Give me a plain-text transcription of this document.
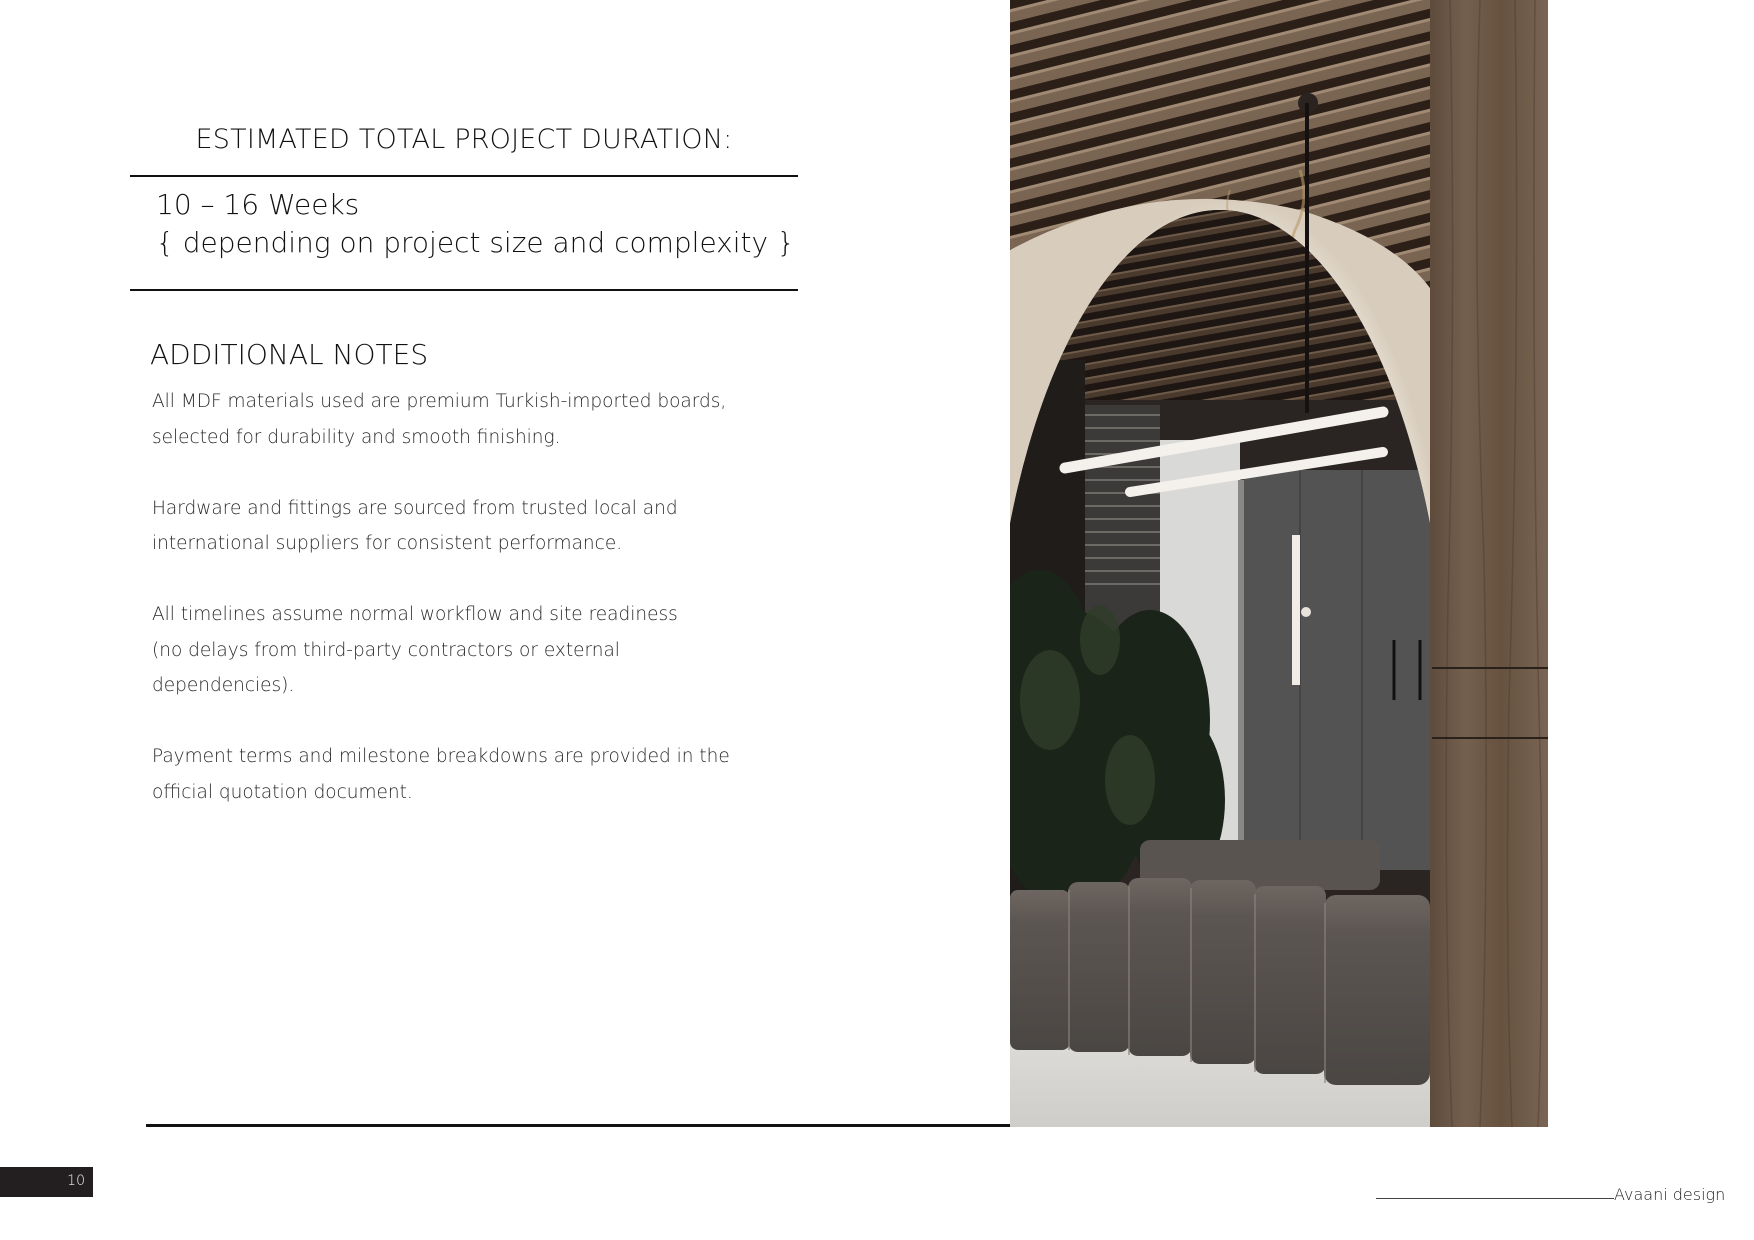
ESTIMATED TOTAL PROJECT DURATION:
10 – 16 Weeks
{ depending on project size and complexity }
ADDITIONAL NOTES

All MDF materials used are premium Turkish-imported boards,
selected for durability and smooth finishing.

Hardware and fittings are sourced from trusted local and
international suppliers for consistent performance.

All timelines assume normal workflow and site readiness
(no delays from third-party contractors or external
dependencies).

Payment terms and milestone breakdowns are provided in the
official quotation document.

10
Avaani design
